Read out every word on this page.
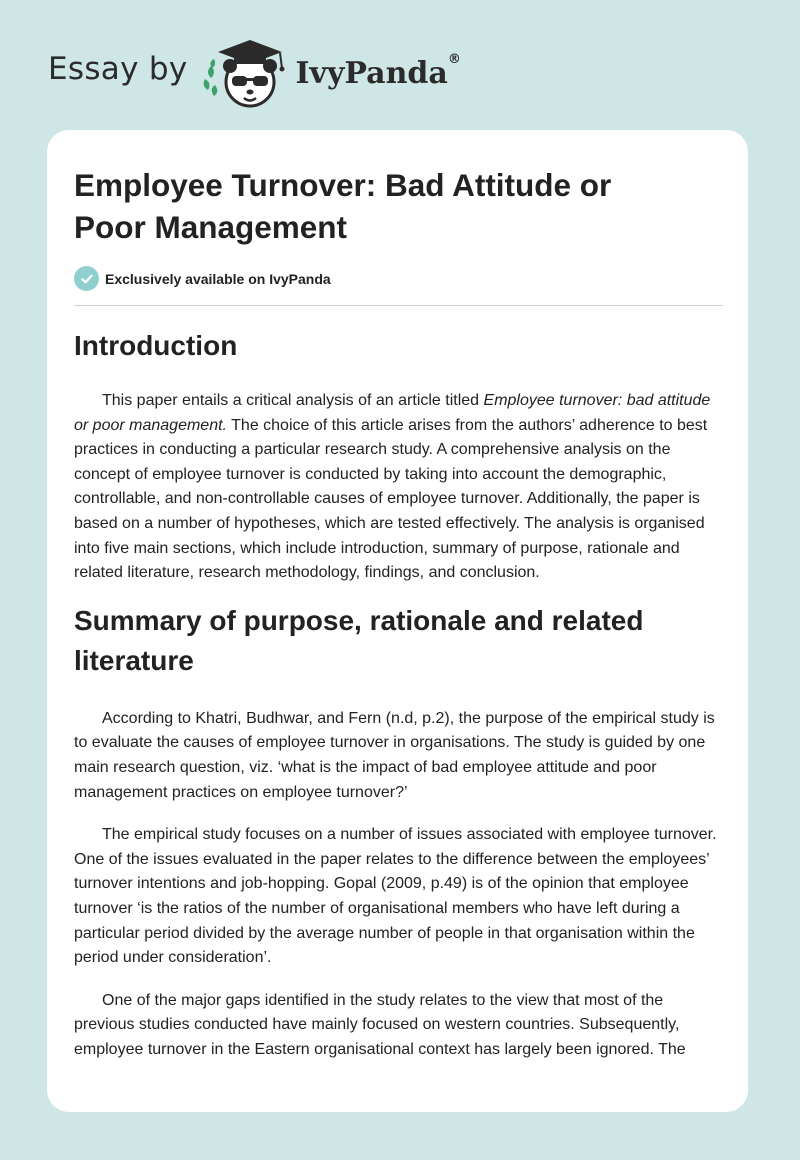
Essay by	IvyPanda®
Employee Turnover: Bad Attitude or
Poor Management
Exclusively available on IvyPanda
Introduction

This paper entails a critical analysis of an article titled Employee turnover: bad attitude or poor management. The choice of this article arises from the authors’ adherence to best practices in conducting a particular research study. A comprehensive analysis on the concept of employee turnover is conducted by taking into account the demographic, controllable, and non-controllable causes of employee turnover. Additionally, the paper is based on a number of hypotheses, which are tested effectively. The analysis is organised into five main sections, which include introduction, summary of purpose, rationale and related literature, research methodology, findings, and conclusion.

Summary of purpose, rationale and related
literature

According to Khatri, Budhwar, and Fern (n.d, p.2), the purpose of the empirical study is to evaluate the causes of employee turnover in organisations. The study is guided by one main research question, viz. ‘what is the impact of bad employee attitude and poor management practices on employee turnover?’

The empirical study focuses on a number of issues associated with employee turnover. One of the issues evaluated in the paper relates to the difference between the employees’ turnover intentions and job-hopping. Gopal (2009, p.49) is of the opinion that employee turnover ‘is the ratios of the number of organisational members who have left during a particular period divided by the average number of people in that organisation within the period under consideration’.

One of the major gaps identified in the study relates to the view that most of the previous studies conducted have mainly focused on western countries. Subsequently, employee turnover in the Eastern organisational context has largely been ignored. The
